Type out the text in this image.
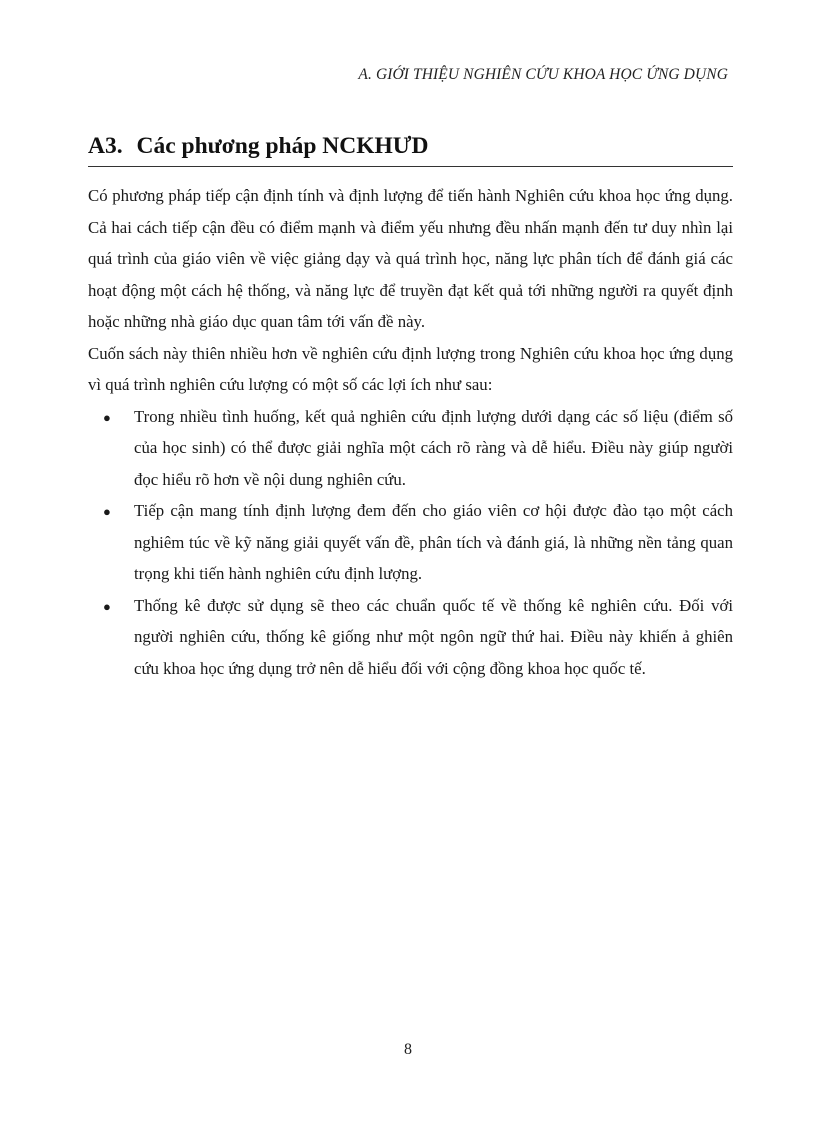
A. GIỚI THIỆU NGHIÊN CỨU KHOA HỌC ỨNG DỤNG
A3. Các phương pháp NCKHƯD

Có phương pháp tiếp cận định tính và định lượng để tiến hành Nghiên cứu khoa học ứng dụng. Cả hai cách tiếp cận đều có điểm mạnh và điểm yếu nhưng đều nhấn mạnh đến tư duy nhìn lại quá trình của giáo viên về việc giảng dạy và quá trình học, năng lực phân tích để đánh giá các hoạt động một cách hệ thống, và năng lực để truyền đạt kết quả tới những người ra quyết định hoặc những nhà giáo dục quan tâm tới vấn đề này.

Cuốn sách này thiên nhiều hơn về nghiên cứu định lượng trong Nghiên cứu khoa học ứng dụng vì quá trình nghiên cứu lượng có một số các lợi ích như sau:

● Trong nhiều tình huống, kết quả nghiên cứu định lượng dưới dạng các số liệu (điểm số của học sinh) có thể được giải nghĩa một cách rõ ràng và dễ hiểu. Điều này giúp người đọc hiểu rõ hơn về nội dung nghiên cứu.
● Tiếp cận mang tính định lượng đem đến cho giáo viên cơ hội được đào tạo một cách nghiêm túc về kỹ năng giải quyết vấn đề, phân tích và đánh giá, là những nền tảng quan trọng khi tiến hành nghiên cứu định lượng.
● Thống kê được sử dụng sẽ theo các chuẩn quốc tế về thống kê nghiên cứu. Đối với người nghiên cứu, thống kê giống như một ngôn ngữ thứ hai. Điều này khiến ả ghiên cứu khoa học ứng dụng trở nên dễ hiểu đối với cộng đồng khoa học quốc tế.
8
